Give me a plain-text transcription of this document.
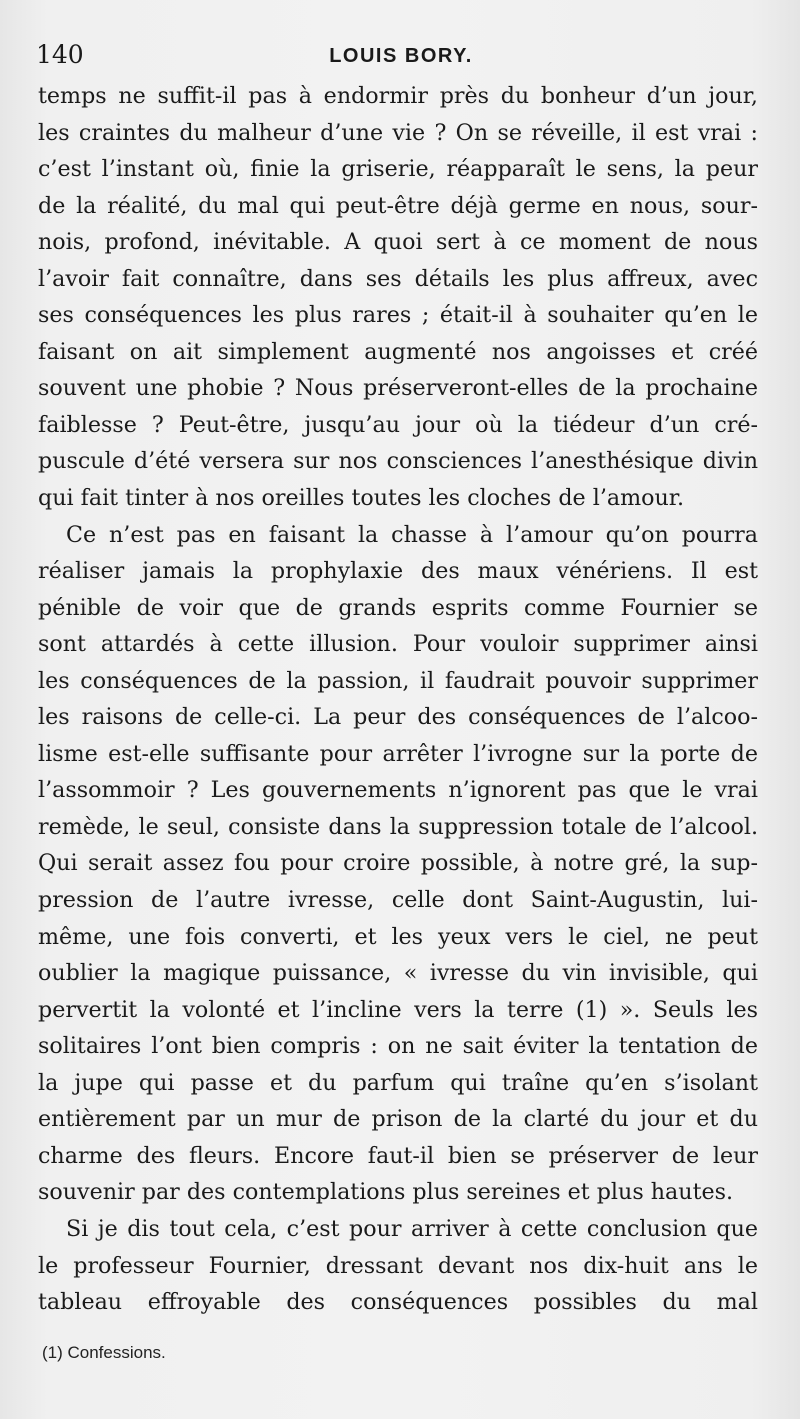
140	LOUIS BORY.

temps ne suffit-il pas à endormir près du bonheur d’un jour,
les craintes du malheur d’une vie ? On se réveille, il est vrai :
c’est l’instant où, finie la griserie, réapparaît le sens, la peur
de la réalité, du mal qui peut-être déjà germe en nous, sour-
nois, profond, inévitable. A quoi sert à ce moment de nous
l’avoir fait connaître, dans ses détails les plus affreux, avec
ses conséquences les plus rares ; était-il à souhaiter qu’en le
faisant on ait simplement augmenté nos angoisses et créé
souvent une phobie ? Nous préserveront-elles de la prochaine
faiblesse ? Peut-être, jusqu’au jour où la tiédeur d’un cré-
puscule d’été versera sur nos consciences l’anesthésique divin
qui fait tinter à nos oreilles toutes les cloches de l’amour.

Ce n’est pas en faisant la chasse à l’amour qu’on pourra
réaliser jamais la prophylaxie des maux vénériens. Il est
pénible de voir que de grands esprits comme Fournier se
sont attardés à cette illusion. Pour vouloir supprimer ainsi
les conséquences de la passion, il faudrait pouvoir supprimer
les raisons de celle-ci. La peur des conséquences de l’alcoo-
lisme est-elle suffisante pour arrêter l’ivrogne sur la porte de
l’assommoir ? Les gouvernements n’ignorent pas que le vrai
remède, le seul, consiste dans la suppression totale de l’alcool.
Qui serait assez fou pour croire possible, à notre gré, la sup-
pression de l’autre ivresse, celle dont Saint-Augustin, lui-
même, une fois converti, et les yeux vers le ciel, ne peut
oublier la magique puissance, « ivresse du vin invisible, qui
pervertit la volonté et l’incline vers la terre (1) ». Seuls les
solitaires l’ont bien compris : on ne sait éviter la tentation de
la jupe qui passe et du parfum qui traîne qu’en s’isolant
entièrement par un mur de prison de la clarté du jour et du
charme des fleurs. Encore faut-il bien se préserver de leur
souvenir par des contemplations plus sereines et plus hautes.

Si je dis tout cela, c’est pour arriver à cette conclusion que
le professeur Fournier, dressant devant nos dix-huit ans le
tableau effroyable des conséquences possibles du mal

(1) Confessions.
